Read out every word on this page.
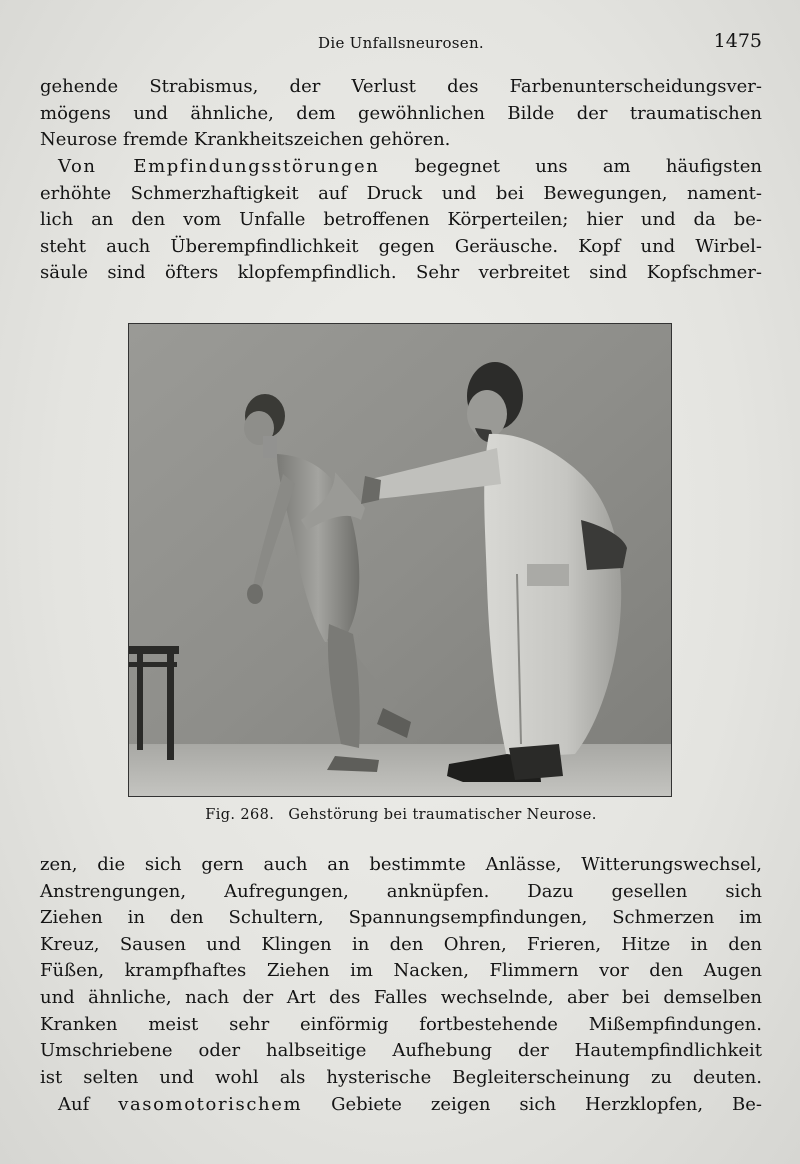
Die Unfallsneurosen.	1475
gehende Strabismus, der Verlust des Farbenunterscheidungsver-
mögens und ähnliche, dem gewöhnlichen Bilde der traumatischen
Neurose fremde Krankheitszeichen gehören.
 Von Empfindungsstörungen begegnet uns am häufigsten
erhöhte Schmerzhaftigkeit auf Druck und bei Bewegungen, nament-
lich an den vom Unfalle betroffenen Körperteilen; hier und da be-
steht auch Überempfindlichkeit gegen Geräusche. Kopf und Wirbel-
säule sind öfters klopfempfindlich. Sehr verbreitet sind Kopfschmer-
Fig. 268. Gehstörung bei traumatischer Neurose.
zen, die sich gern auch an bestimmte Anlässe, Witterungswechsel,
Anstrengungen, Aufregungen, anknüpfen. Dazu gesellen sich
Ziehen in den Schultern, Spannungsempfindungen, Schmerzen im
Kreuz, Sausen und Klingen in den Ohren, Frieren, Hitze in den
Füßen, krampfhaftes Ziehen im Nacken, Flimmern vor den Augen
und ähnliche, nach der Art des Falles wechselnde, aber bei demselben
Kranken meist sehr einförmig fortbestehende Mißempfindungen.
Umschriebene oder halbseitige Aufhebung der Hautempfindlichkeit
ist selten und wohl als hysterische Begleiterscheinung zu deuten.
 Auf vasomotorischem Gebiete zeigen sich Herzklopfen, Be-
